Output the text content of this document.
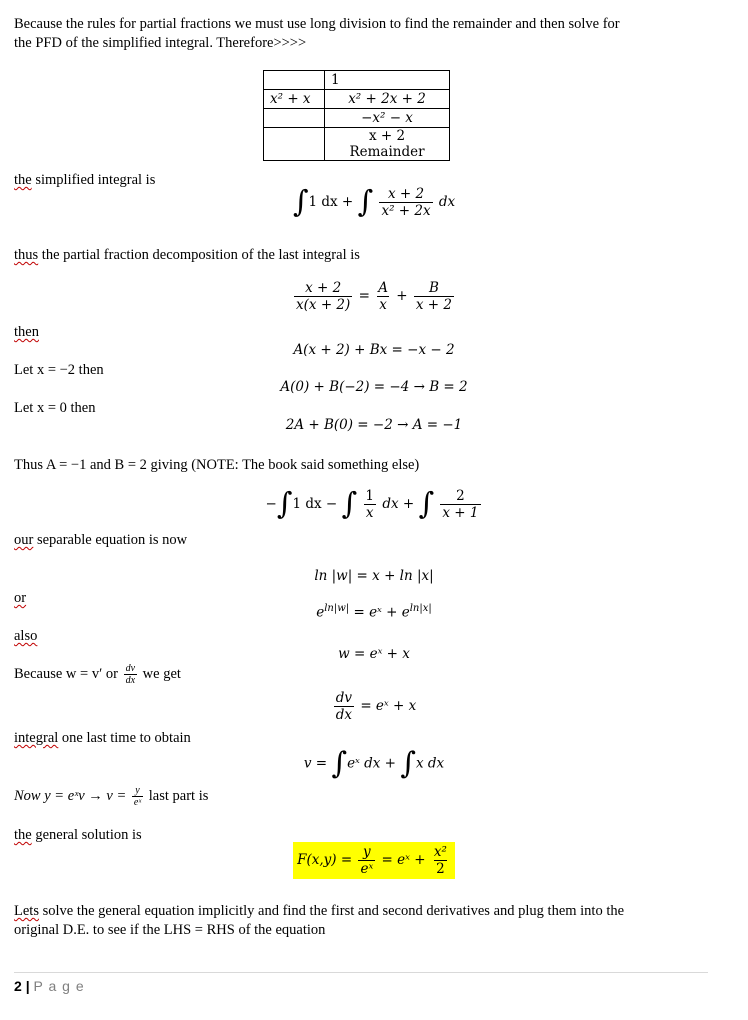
Because the rules for partial fractions we must use long division to find the remainder and then solve for
the PFD of the simplified integral. Therefore>>>>
	1
x² + x	x² + 2x + 2
	−x² − x
	x + 2 Remainder
the simplified integral is
∫1 dx + ∫ $\frac{x + 2}{\text{x² + 2x}}$ dx
thus the partial fraction decomposition of the last integral is
$\frac{x + 2}{x(x + 2)} = \frac{A}{x} + \frac{B}{x + 2}$
then
A(x + 2) + Bx = −x − 2
Let x = −2 then
A(0) + B(−2) = −4 → B = 2
Let x = 0 then
2A + B(0) = −2 → A = −1
Thus A = −1 and B = 2 giving (NOTE: The book said something else)
−∫1 dx − ∫ $\frac{1}{x}$ dx + ∫ $\frac{2}{x + 1}$
our separable equation is now
ln |w| = x + ln |x|
or
$e^{ln|w|}$ = eˣ + $e^{ln|x|}$
also
w = eˣ + x
Because w = v′ or $\frac{dv}{dx}$ we get
$\frac{dv}{dx}$ = eˣ + x
integral one last time to obtain
v = ∫eˣ dx + ∫x dx
Now y = eˣv → $v = \frac{y}{\text{eˣ}}$ last part is
the general solution is
$F(x,y) = \frac{y}{\text{eˣ}}$ = eˣ + $\frac{\text{x²}}{2}$
Lets solve the general equation implicitly and find the first and second derivatives and plug them into the
original D.E. to see if the LHS = RHS of the equation
2 | P a g e
